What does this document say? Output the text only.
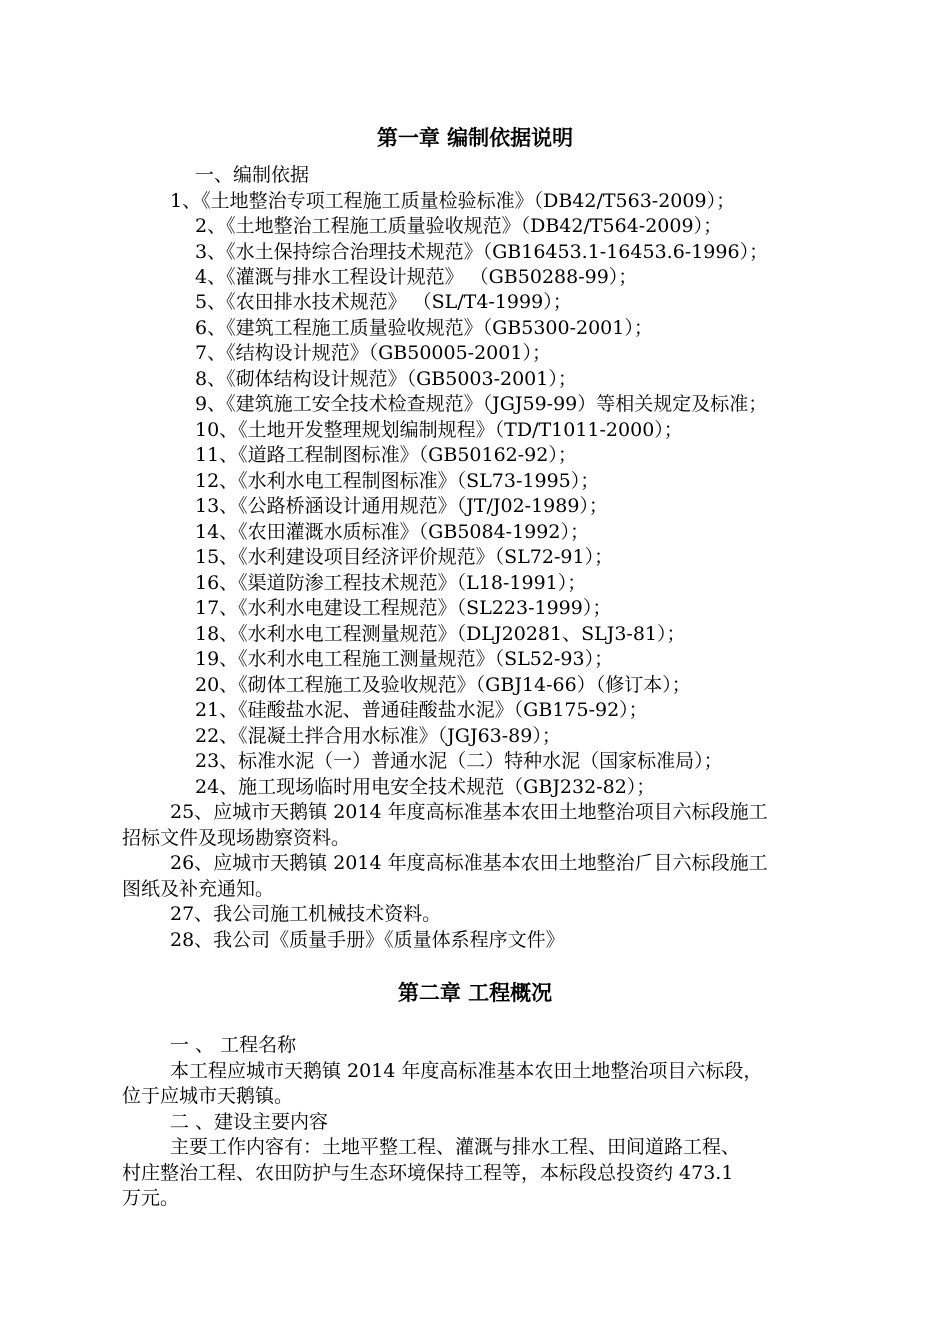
第一章 编制依据说明
一、编制依据
1、《土地整治专项工程施工质量检验标准》（DB42/T563-2009）；
2、《土地整治工程施工质量验收规范》（DB42/T564-2009）；
3、《水土保持综合治理技术规范》（GB16453.1-16453.6-1996）；
4、《灌溉与排水工程设计规范》 （GB50288-99）；
5、《农田排水技术规范》 （SL/T4-1999）；
6、《建筑工程施工质量验收规范》（GB5300-2001）；
7、《结构设计规范》（GB50005-2001）；
8、《砌体结构设计规范》（GB5003-2001）；
9、《建筑施工安全技术检查规范》（JGJ59-99）等相关规定及标准；
10、《土地开发整理规划编制规程》（TD/T1011-2000）；
11、《道路工程制图标准》（GB50162-92）；
12、《水利水电工程制图标准》（SL73-1995）；
13、《公路桥涵设计通用规范》（JT/J02-1989）；
14、《农田灌溉水质标准》（GB5084-1992）；
15、《水利建设项目经济评价规范》（SL72-91）；
16、《渠道防渗工程技术规范》（L18-1991）；
17、《水利水电建设工程规范》（SL223-1999）；
18、《水利水电工程测量规范》（DLJ20281、SLJ3-81）；
19、《水利水电工程施工测量规范》（SL52-93）；
20、《砌体工程施工及验收规范》（GBJ14-66）（修订本）；
21、《硅酸盐水泥、普通硅酸盐水泥》（GB175-92）；
22、《混凝土拌合用水标准》（JGJ63-89）；
23、标准水泥（一）普通水泥（二）特种水泥（国家标准局）；
24、施工现场临时用电安全技术规范（GBJ232-82）；
25、应城市天鹅镇 2014 年度高标准基本农田土地整治项目六标段施工
招标文件及现场勘察资料。
26、应城市天鹅镇 2014 年度高标准基本农田土地整治𠂆目六标段施工
图纸及补充通知。
27、我公司施工机械技术资料。
28、我公司《质量手册》《质量体系程序文件》
第二章 工程概况
一 、 工程名称
本工程应城市天鹅镇 2014 年度高标准基本农田土地整治项目六标段，
位于应城市天鹅镇。
二 、建设主要内容
主要工作内容有：土地平整工程、灌溉与排水工程、田间道路工程、
村庄整治工程、农田防护与生态环境保持工程等，本标段总投资约 473.1
万元。
